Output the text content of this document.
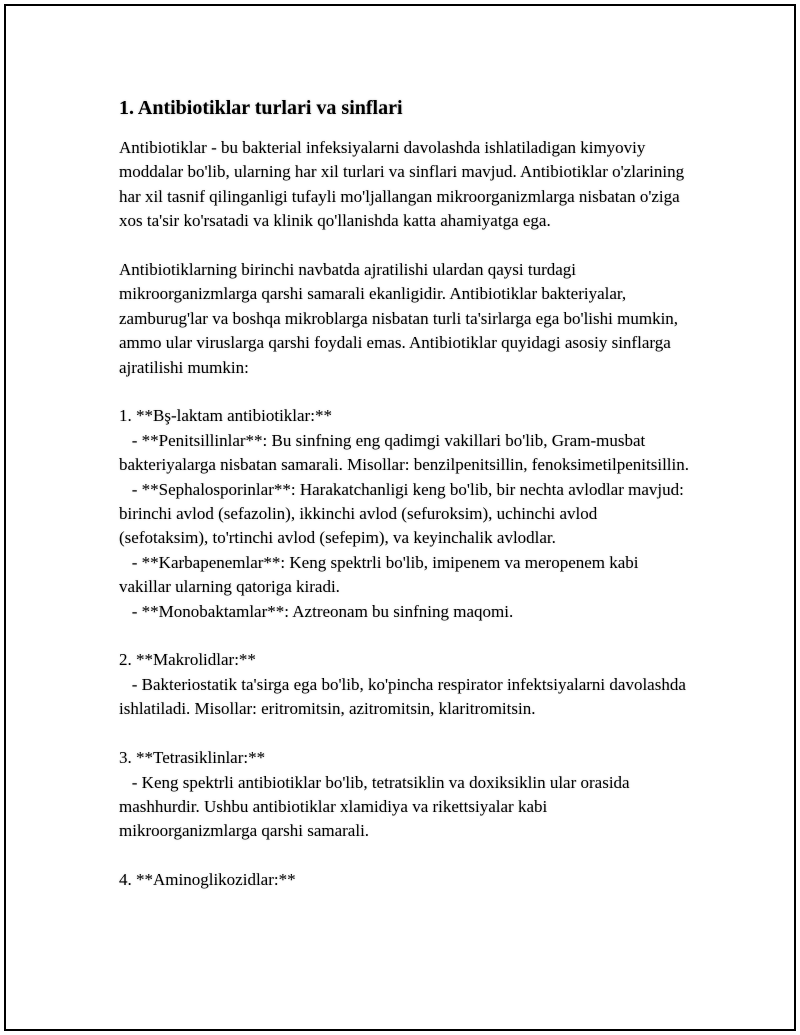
1. Antibiotiklar turlari va sinflari

Antibiotiklar - bu bakterial infeksiyalarni davolashda ishlatiladigan kimyoviy moddalar bo'lib, ularning har xil turlari va sinflari mavjud. Antibiotiklar o'zlarining har xil tasnif qilinganligi tufayli mo'ljallangan mikroorganizmlarga nisbatan o'ziga xos ta'sir ko'rsatadi va klinik qo'llanishda katta ahamiyatga ega.

Antibiotiklarning birinchi navbatda ajratilishi ulardan qaysi turdagi mikroorganizmlarga qarshi samarali ekanligidir. Antibiotiklar bakteriyalar, zamburug'lar va boshqa mikroblarga nisbatan turli ta'sirlarga ega bo'lishi mumkin, ammo ular viruslarga qarshi foydali emas. Antibiotiklar quyidagi asosiy sinflarga ajratilishi mumkin:

1. **Bş-laktam antibiotiklar:**

- **Penitsillinlar**: Bu sinfning eng qadimgi vakillari bo'lib, Gram-musbat bakteriyalarga nisbatan samarali. Misollar: benzilpenitsillin, fenoksimetilpenitsillin.

- **Sephalosporinlar**: Harakatchanligi keng bo'lib, bir nechta avlodlar mavjud: birinchi avlod (sefazolin), ikkinchi avlod (sefuroksim), uchinchi avlod (sefotaksim), to'rtinchi avlod (sefepim), va keyinchalik avlodlar.

- **Karbapenemlar**: Keng spektrli bo'lib, imipenem va meropenem kabi vakillar ularning qatoriga kiradi.

- **Monobaktamlar**: Aztreonam bu sinfning maqomi.

2. **Makrolidlar:**

- Bakteriostatik ta'sirga ega bo'lib, ko'pincha respirator infektsiyalarni davolashda ishlatiladi. Misollar: eritromitsin, azitromitsin, klaritromitsin.

3. **Tetrasiklinlar:**

- Keng spektrli antibiotiklar bo'lib, tetratsiklin va doxiksiklin ular orasida mashhurdir. Ushbu antibiotiklar xlamidiya va rikettsiyalar kabi mikroorganizmlarga qarshi samarali.

4. **Aminoglikozidlar:**
